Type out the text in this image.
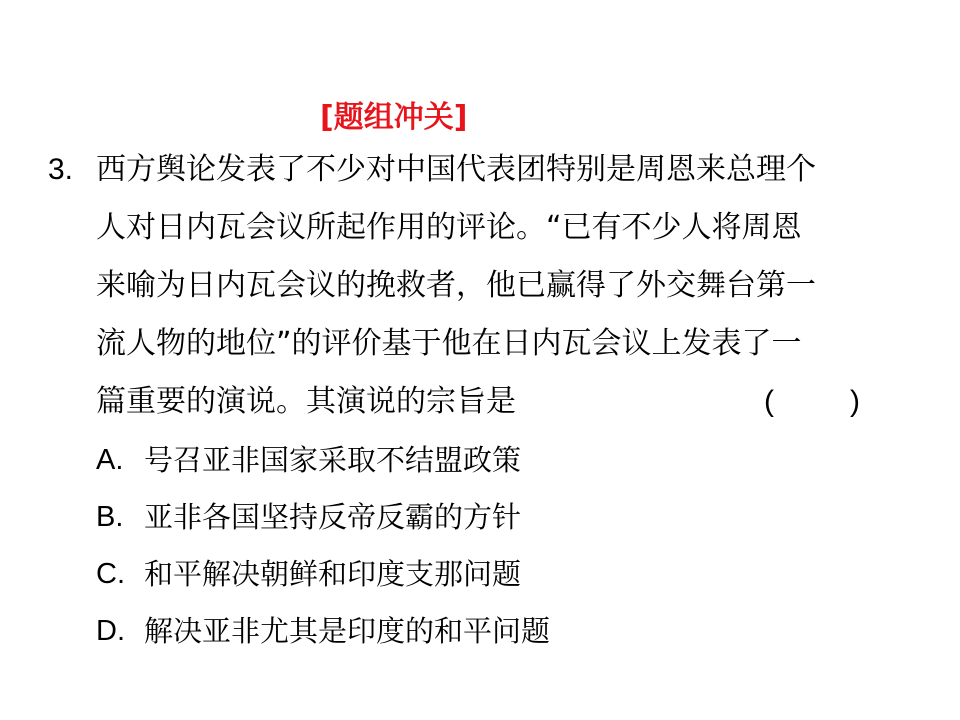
[题组冲关]
3. 西方舆论发表了不少对中国代表团特别是周恩来总理个
人对日内瓦会议所起作用的评论。“已有不少人将周恩
来喻为日内瓦会议的挽救者，他已赢得了外交舞台第一
流人物的地位”的评价基于他在日内瓦会议上发表了一
篇重要的演说。其演说的宗旨是	(	)
A. 号召亚非国家采取不结盟政策
B. 亚非各国坚持反帝反霸的方针
C. 和平解决朝鲜和印度支那问题
D. 解决亚非尤其是印度的和平问题
